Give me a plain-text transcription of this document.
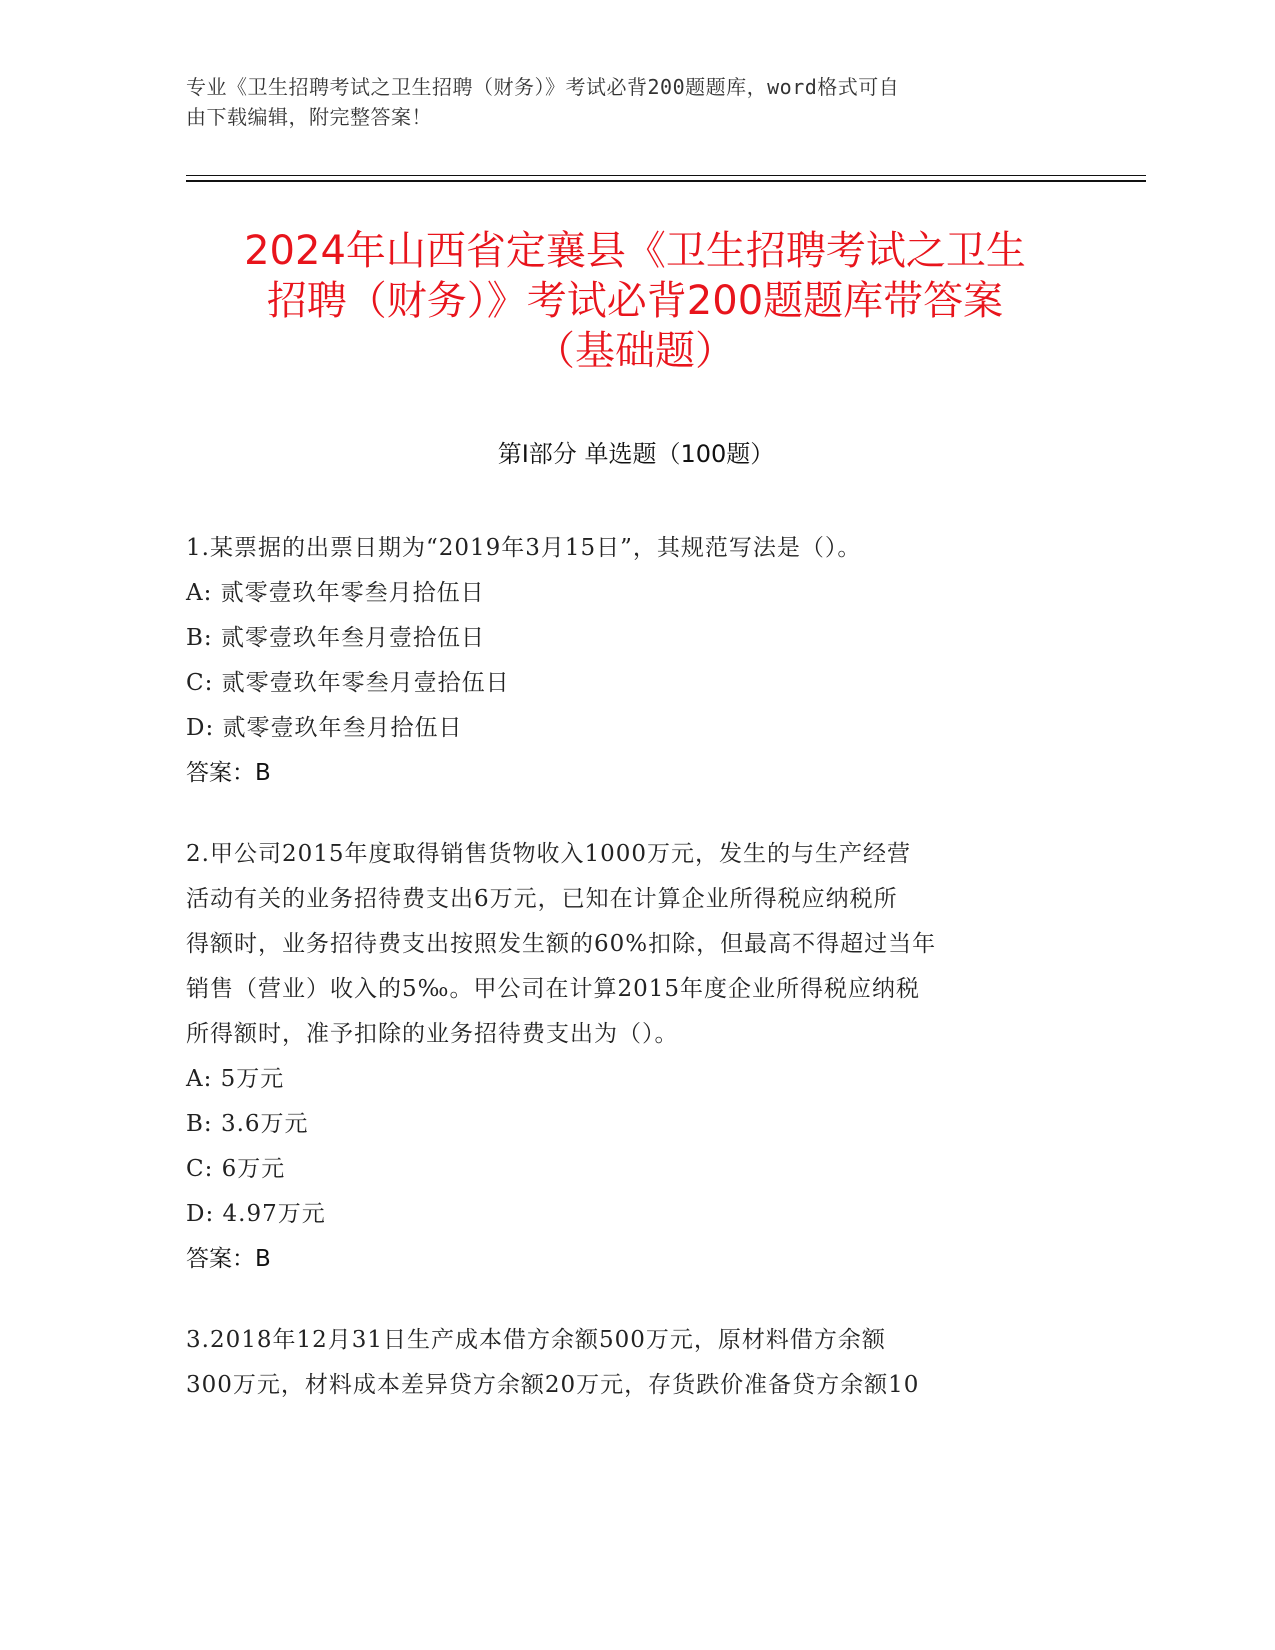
专业《卫生招聘考试之卫生招聘（财务）》考试必背200题题库，word格式可自
由下载编辑，附完整答案！
2024年山西省定襄县《卫生招聘考试之卫生
招聘（财务）》考试必背200题题库带答案
（基础题）
第Ⅰ部分 单选题（100题）
1.某票据的出票日期为“2019年3月15日”，其规范写法是（）。
A: 贰零壹玖年零叁月拾伍日
B: 贰零壹玖年叁月壹拾伍日
C: 贰零壹玖年零叁月壹拾伍日
D: 贰零壹玖年叁月拾伍日
答案：B
2.甲公司2015年度取得销售货物收入1000万元，发生的与生产经营
活动有关的业务招待费支出6万元，已知在计算企业所得税应纳税所
得额时，业务招待费支出按照发生额的60%扣除，但最高不得超过当年
销售（营业）收入的5‰。甲公司在计算2015年度企业所得税应纳税
所得额时，准予扣除的业务招待费支出为（）。
A: 5万元
B: 3.6万元
C: 6万元
D: 4.97万元
答案：B
3.2018年12月31日生产成本借方余额500万元，原材料借方余额
300万元，材料成本差异贷方余额20万元，存货跌价准备贷方余额10
